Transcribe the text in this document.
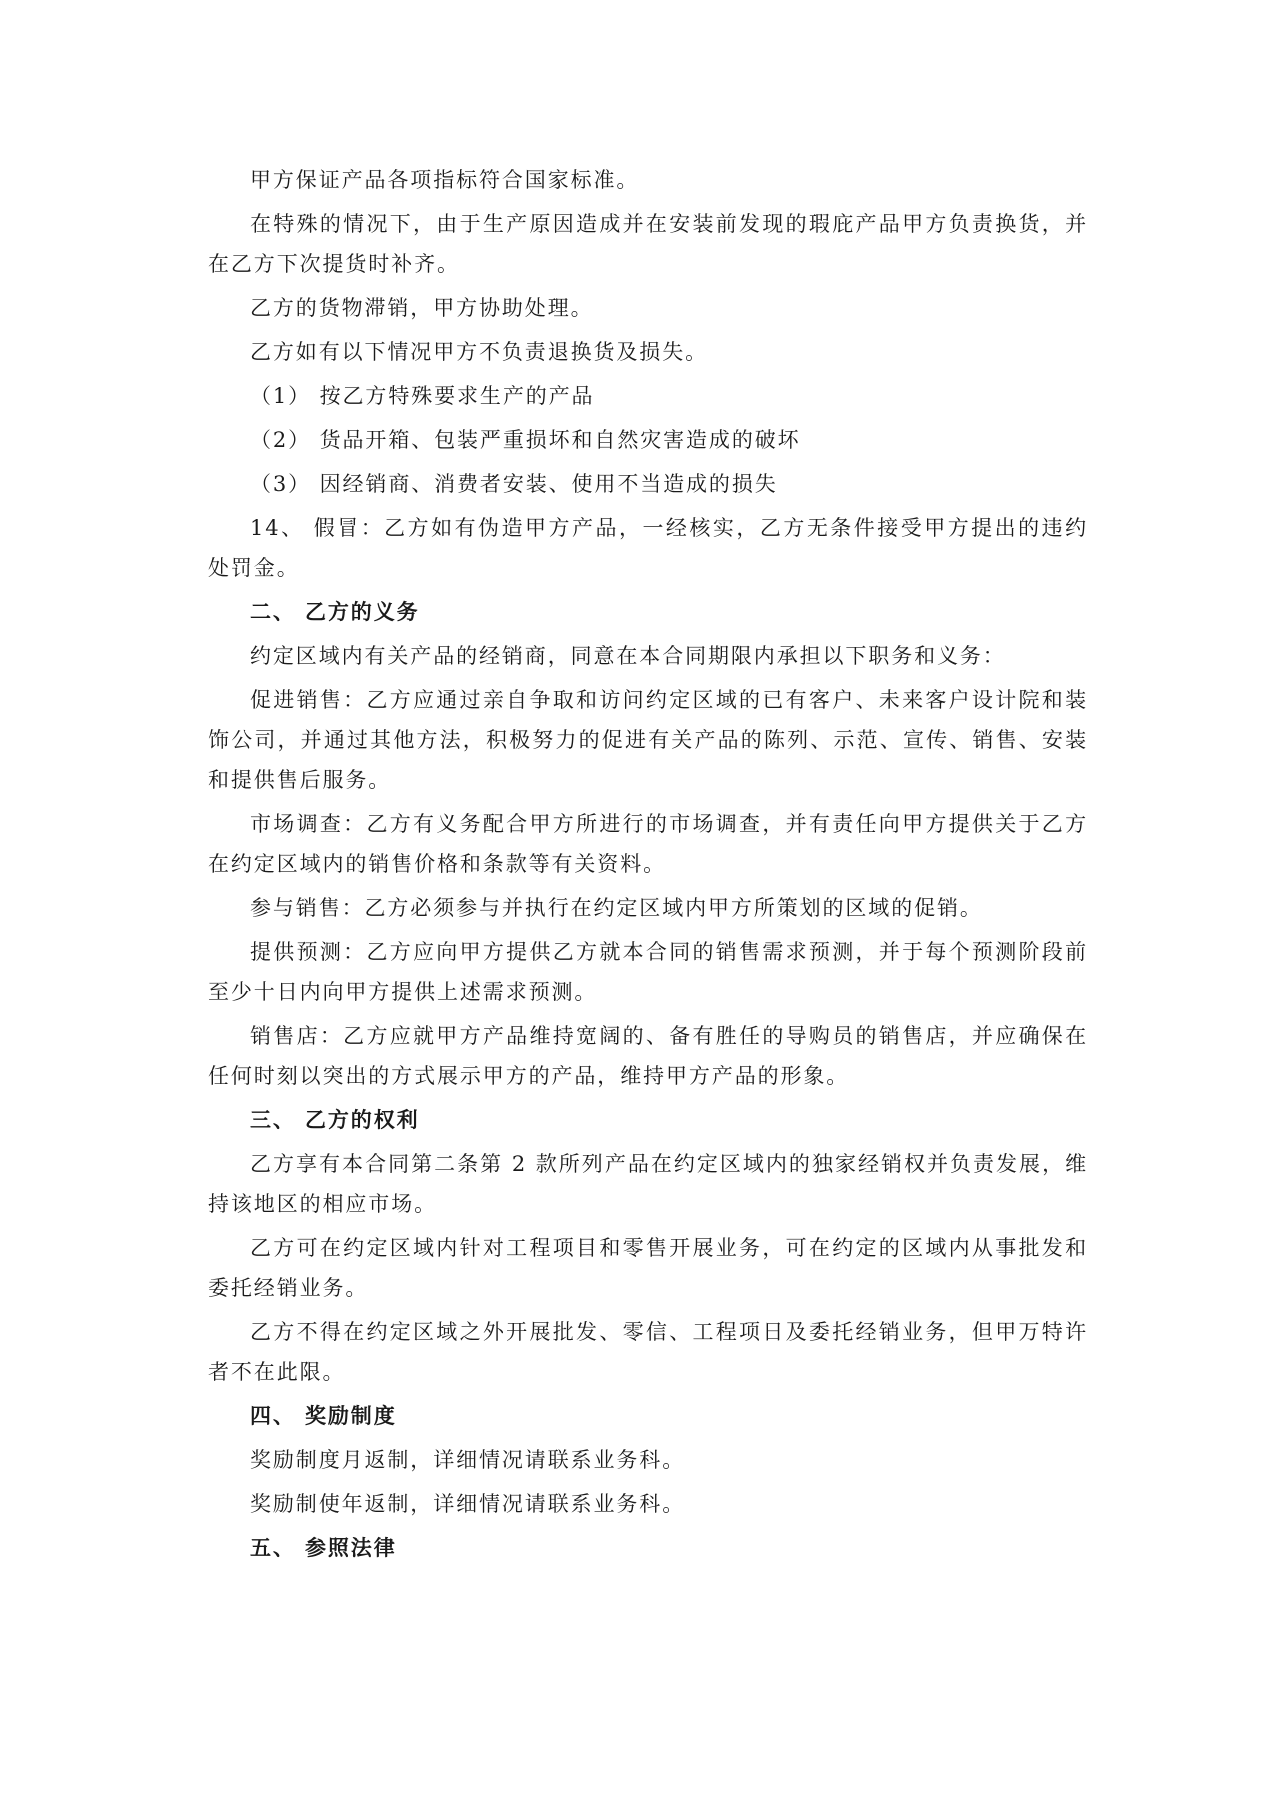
甲方保证产品各项指标符合国家标准。

在特殊的情况下，由于生产原因造成并在安装前发现的瑕庇产品甲方负责换货，并在乙方下次提货时补齐。

乙方的货物滞销，甲方协助处理。

乙方如有以下情况甲方不负责退换货及损失。

（1） 按乙方特殊要求生产的产品

（2） 货品开箱、包装严重损坏和自然灾害造成的破坏

（3） 因经销商、消费者安装、使用不当造成的损失

14、 假冒：乙方如有伪造甲方产品，一经核实，乙方无条件接受甲方提出的违约处罚金。

二、 乙方的义务

约定区域内有关产品的经销商，同意在本合同期限内承担以下职务和义务：

促进销售：乙方应通过亲自争取和访问约定区域的已有客户、未来客户设计院和装饰公司，并通过其他方法，积极努力的促进有关产品的陈列、示范、宣传、销售、安装和提供售后服务。

市场调查：乙方有义务配合甲方所进行的市场调查，并有责任向甲方提供关于乙方在约定区域内的销售价格和条款等有关资料。

参与销售：乙方必须参与并执行在约定区域内甲方所策划的区域的促销。

提供预测：乙方应向甲方提供乙方就本合同的销售需求预测，并于每个预测阶段前至少十日内向甲方提供上述需求预测。

销售店：乙方应就甲方产品维持宽阔的、备有胜任的导购员的销售店，并应确保在任何时刻以突出的方式展示甲方的产品，维持甲方产品的形象。

三、 乙方的权利

乙方享有本合同第二条第 2 款所列产品在约定区域内的独家经销权并负责发展，维持该地区的相应市场。

乙方可在约定区域内针对工程项目和零售开展业务，可在约定的区域内从事批发和委托经销业务。

乙方不得在约定区域之外开展批发、零信、工程项日及委托经销业务，但甲万特许者不在此限。

四、 奖励制度

奖励制度月返制，详细情况请联系业务科。

奖励制使年返制，详细情况请联系业务科。

五、 参照法律
